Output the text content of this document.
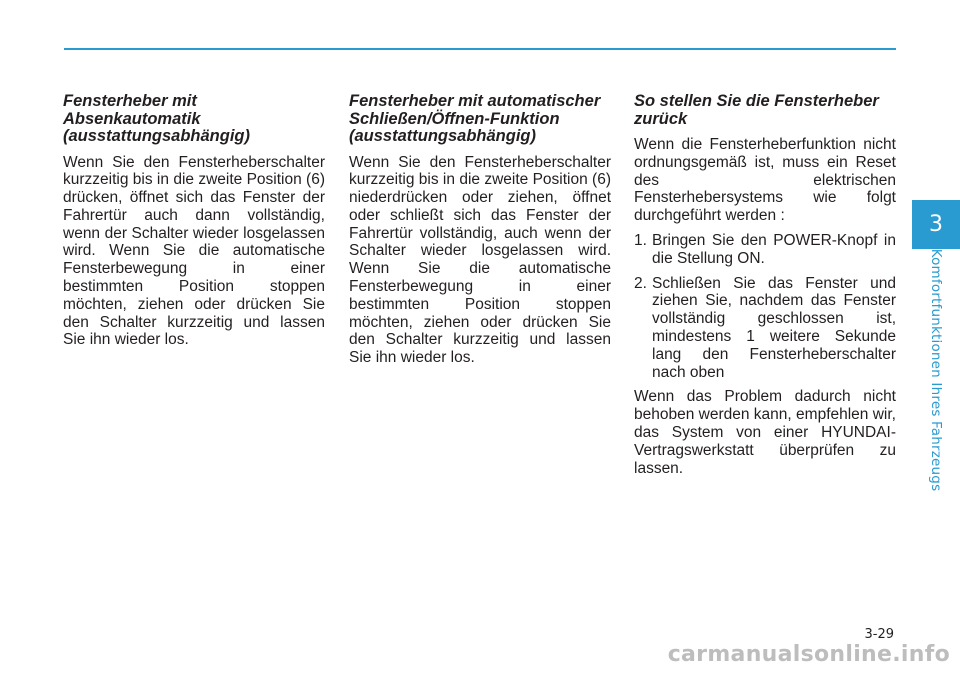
Fensterheber mit Absenkautomatik (ausstattungsabhängig)

Wenn Sie den Fensterheberschalter kurzzeitig bis in die zweite Position (6) drücken, öffnet sich das Fenster der Fahrertür auch dann vollständig, wenn der Schalter wieder losgelassen wird. Wenn Sie die automatische Fensterbewegung in einer bestimmten Position stoppen möchten, ziehen oder drücken Sie den Schalter kurzzeitig und lassen Sie ihn wieder los.

Fensterheber mit automatischer Schließen/Öffnen-Funktion (ausstattungsabhängig)

Wenn Sie den Fensterheberschalter kurzzeitig bis in die zweite Position (6) niederdrücken oder ziehen, öffnet oder schließt sich das Fenster der Fahrertür vollständig, auch wenn der Schalter wieder losgelassen wird. Wenn Sie die automatische Fensterbewegung in einer bestimmten Position stoppen möchten, ziehen oder drücken Sie den Schalter kurzzeitig und lassen Sie ihn wieder los.

So stellen Sie die Fensterheber zurück

Wenn die Fensterheberfunktion nicht ordnungsgemäß ist, muss ein Reset des elektrischen Fensterhebersystems wie folgt durchgeführt werden :

1. Bringen Sie den POWER-Knopf in die Stellung ON.
2. Schließen Sie das Fenster und ziehen Sie, nachdem das Fenster vollständig geschlossen ist, mindestens 1 weitere Sekunde lang den Fensterheberschalter nach oben

Wenn das Problem dadurch nicht behoben werden kann, empfehlen wir, das System von einer HYUNDAI-Vertragswerkstatt überprüfen zu lassen.

3
Komfortfunktionen Ihres Fahrzeugs
3-29
carmanualsonline.info
